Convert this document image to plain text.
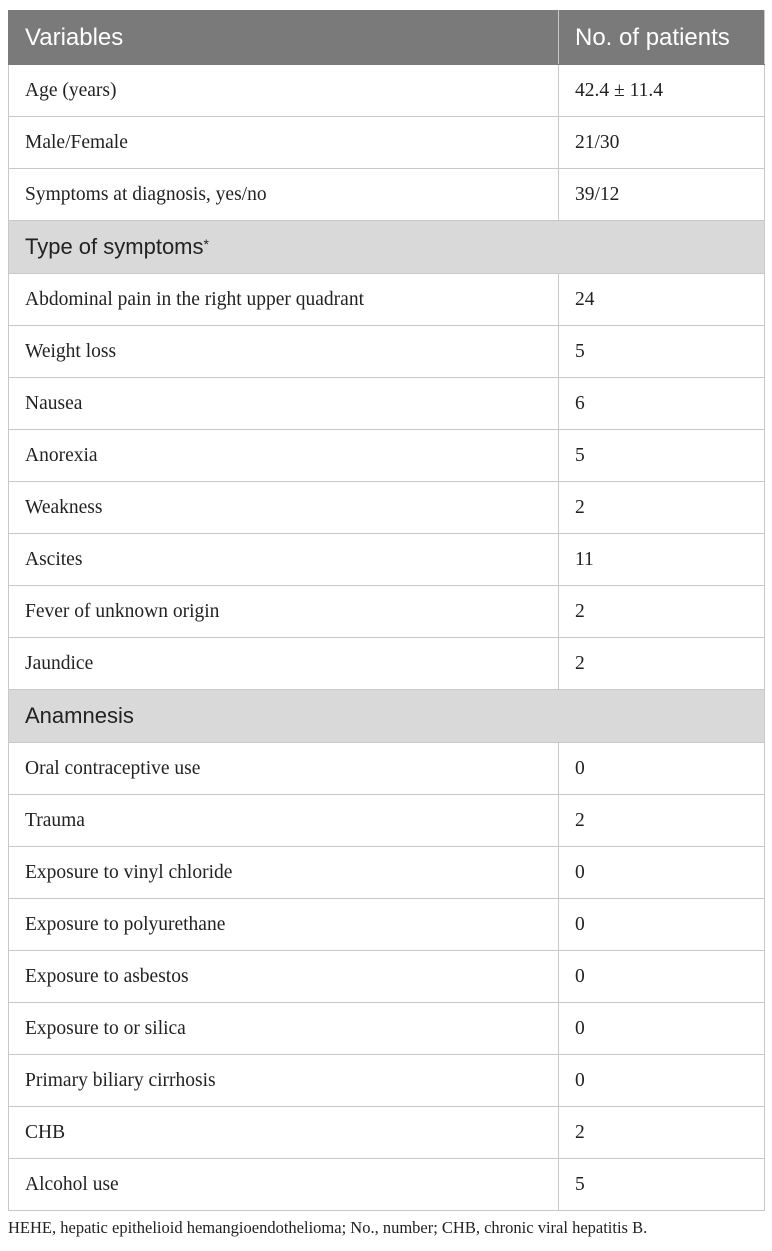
Variables	No. of patients
Age (years)	42.4 ± 11.4
Male/Female	21/30
Symptoms at diagnosis, yes/no	39/12
Type of symptoms*
Abdominal pain in the right upper quadrant	24
Weight loss	5
Nausea	6
Anorexia	5
Weakness	2
Ascites	11
Fever of unknown origin	2
Jaundice	2
Anamnesis	
Oral contraceptive use	0
Trauma	2
Exposure to vinyl chloride	0
Exposure to polyurethane	0
Exposure to asbestos	0
Exposure to or silica	0
Primary biliary cirrhosis	0
CHB	2
Alcohol use	5
HEHE, hepatic epithelioid hemangioendothelioma; No., number; CHB, chronic viral hepatitis B.
